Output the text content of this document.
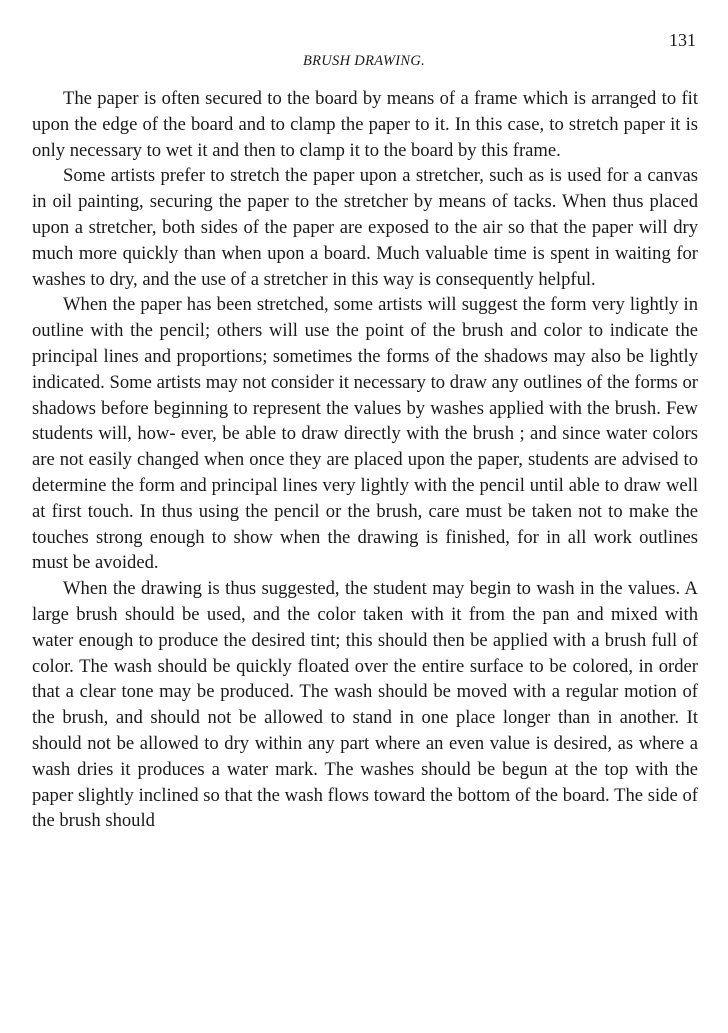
131
BRUSH DRAWING.

The paper is often secured to the board by means of a frame which is arranged to fit upon the edge of the board and to clamp the paper to it. In this case, to stretch paper it is only necessary to wet it and then to clamp it to the board by this frame.

Some artists prefer to stretch the paper upon a stretcher, such as is used for a canvas in oil painting, securing the paper to the stretcher by means of tacks. When thus placed upon a stretcher, both sides of the paper are exposed to the air so that the paper will dry much more quickly than when upon a board. Much valuable time is spent in waiting for washes to dry, and the use of a stretcher in this way is consequently helpful.

When the paper has been stretched, some artists will suggest the form very lightly in outline with the pencil; others will use the point of the brush and color to indicate the principal lines and proportions; sometimes the forms of the shadows may also be lightly indicated. Some artists may not consider it necessary to draw any outlines of the forms or shadows before beginning to represent the values by washes applied with the brush. Few students will, how- ever, be able to draw directly with the brush ; and since water colors are not easily changed when once they are placed upon the paper, students are advised to determine the form and principal lines very lightly with the pencil until able to draw well at first touch. In thus using the pencil or the brush, care must be taken not to make the touches strong enough to show when the drawing is finished, for in all work outlines must be avoided.

When the drawing is thus suggested, the student may begin to wash in the values. A large brush should be used, and the color taken with it from the pan and mixed with water enough to produce the desired tint; this should then be applied with a brush full of color. The wash should be quickly floated over the entire surface to be colored, in order that a clear tone may be produced. The wash should be moved with a regular motion of the brush, and should not be allowed to stand in one place longer than in another. It should not be allowed to dry within any part where an even value is desired, as where a wash dries it produces a water mark. The washes should be begun at the top with the paper slightly inclined so that the wash flows toward the bottom of the board. The side of the brush should
